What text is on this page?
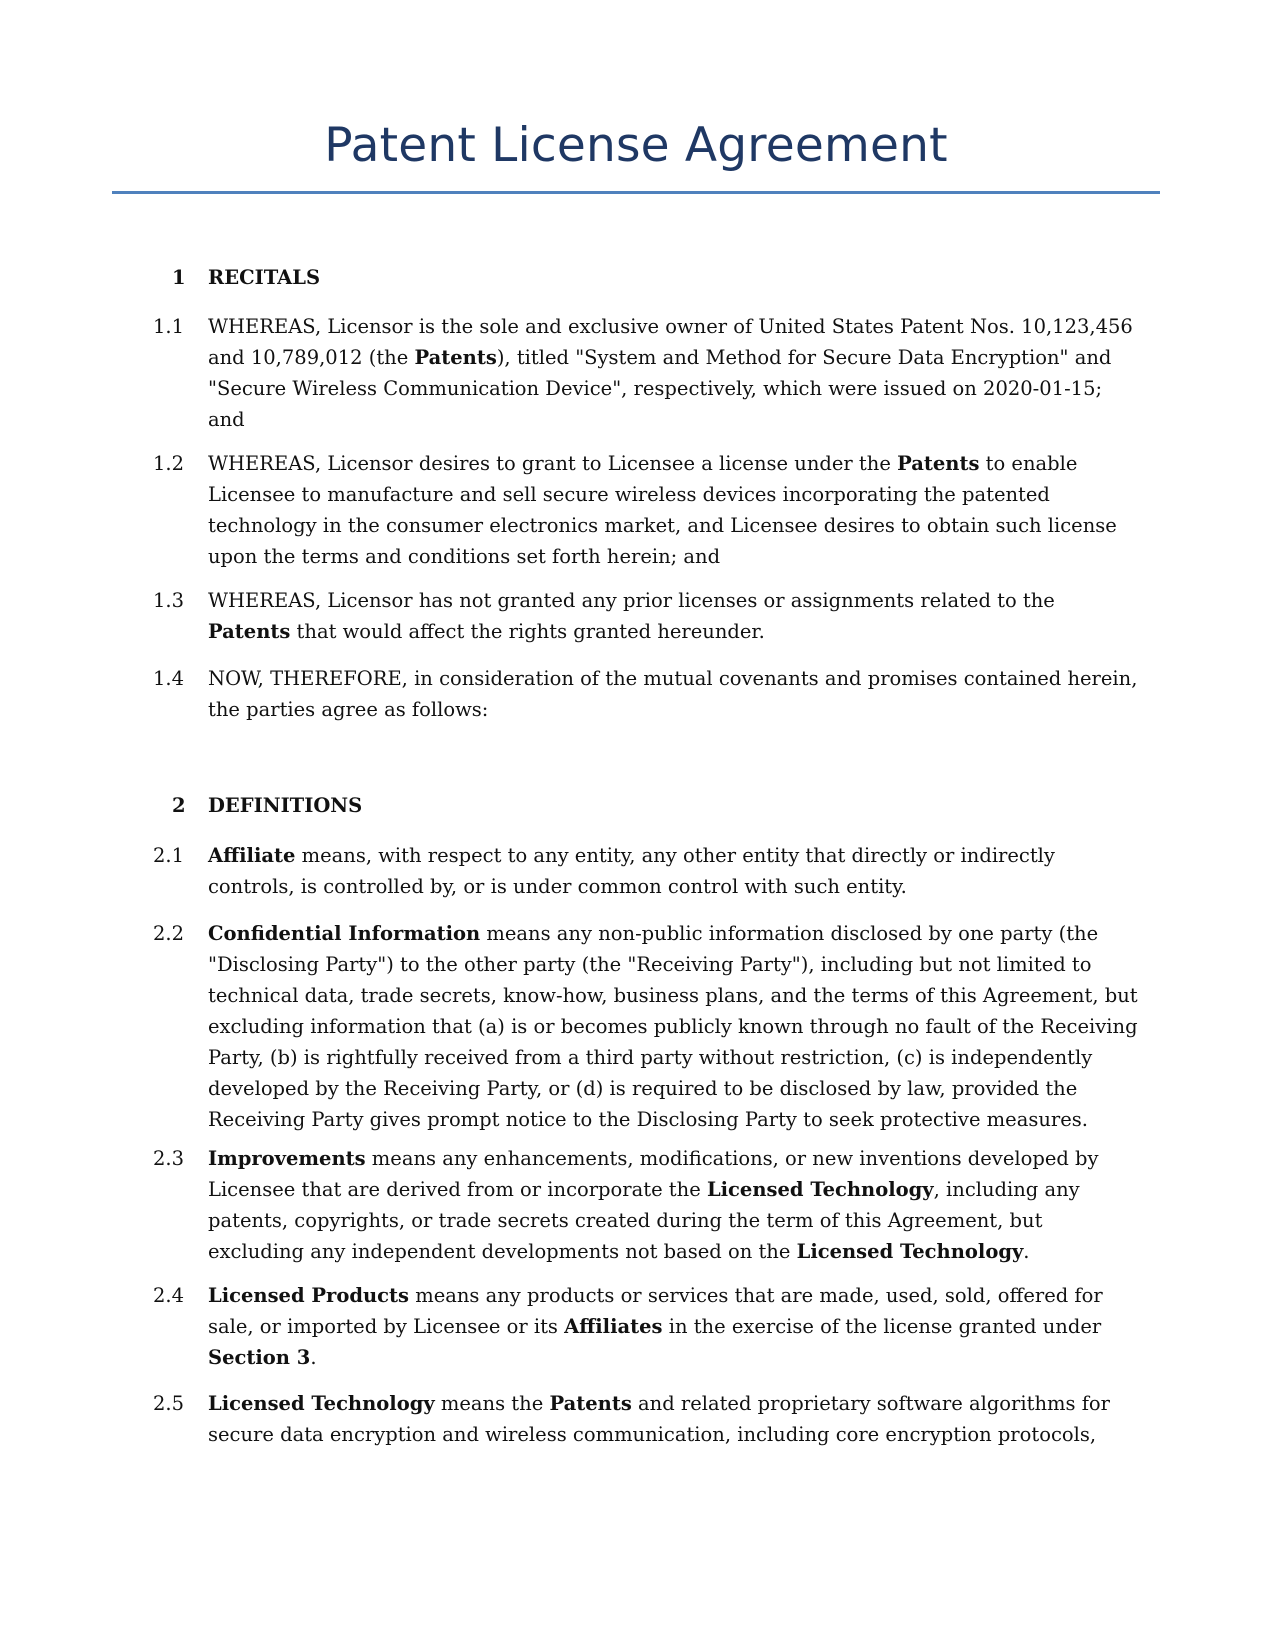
Patent License Agreement
1 RECITALS
1.1 WHEREAS, Licensor is the sole and exclusive owner of United States Patent Nos. 10,123,456 and 10,789,012 (the Patents), titled "System and Method for Secure Data Encryption" and "Secure Wireless Communication Device", respectively, which were issued on 2020-01-15; and
1.2 WHEREAS, Licensor desires to grant to Licensee a license under the Patents to enable Licensee to manufacture and sell secure wireless devices incorporating the patented technology in the consumer electronics market, and Licensee desires to obtain such license upon the terms and conditions set forth herein; and
1.3 WHEREAS, Licensor has not granted any prior licenses or assignments related to the Patents that would affect the rights granted hereunder.
1.4 NOW, THEREFORE, in consideration of the mutual covenants and promises contained herein, the parties agree as follows:
2 DEFINITIONS
2.1 Affiliate means, with respect to any entity, any other entity that directly or indirectly controls, is controlled by, or is under common control with such entity.
2.2 Confidential Information means any non-public information disclosed by one party (the "Disclosing Party") to the other party (the "Receiving Party"), including but not limited to technical data, trade secrets, know-how, business plans, and the terms of this Agreement, but excluding information that (a) is or becomes publicly known through no fault of the Receiving Party, (b) is rightfully received from a third party without restriction, (c) is independently developed by the Receiving Party, or (d) is required to be disclosed by law, provided the Receiving Party gives prompt notice to the Disclosing Party to seek protective measures.
2.3 Improvements means any enhancements, modifications, or new inventions developed by Licensee that are derived from or incorporate the Licensed Technology, including any patents, copyrights, or trade secrets created during the term of this Agreement, but excluding any independent developments not based on the Licensed Technology.
2.4 Licensed Products means any products or services that are made, used, sold, offered for sale, or imported by Licensee or its Affiliates in the exercise of the license granted under Section 3.
2.5 Licensed Technology means the Patents and related proprietary software algorithms for secure data encryption and wireless communication, including core encryption protocols,
